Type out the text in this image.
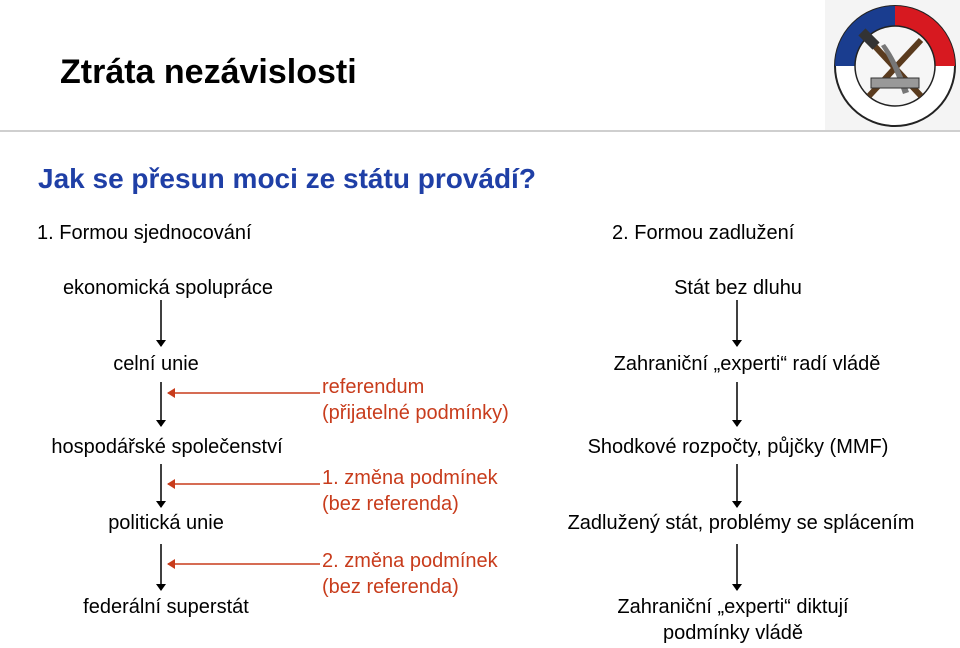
Ztráta nezávislosti
Jak se přesun moci ze státu provádí?
1. Formou sjednocování
ekonomická spolupráce
celní unie
hospodářské společenství
politická unie
federální superstát
referendum
(přijatelné podmínky)
1. změna podmínek
(bez referenda)
2. změna podmínek
(bez referenda)
2. Formou zadlužení
Stát bez dluhu
Zahraniční „experti“ radí vládě
Shodkové rozpočty, půjčky (MMF)
Zadlužený stát, problémy se splácením
Zahraniční „experti“ diktují
podmínky vládě
